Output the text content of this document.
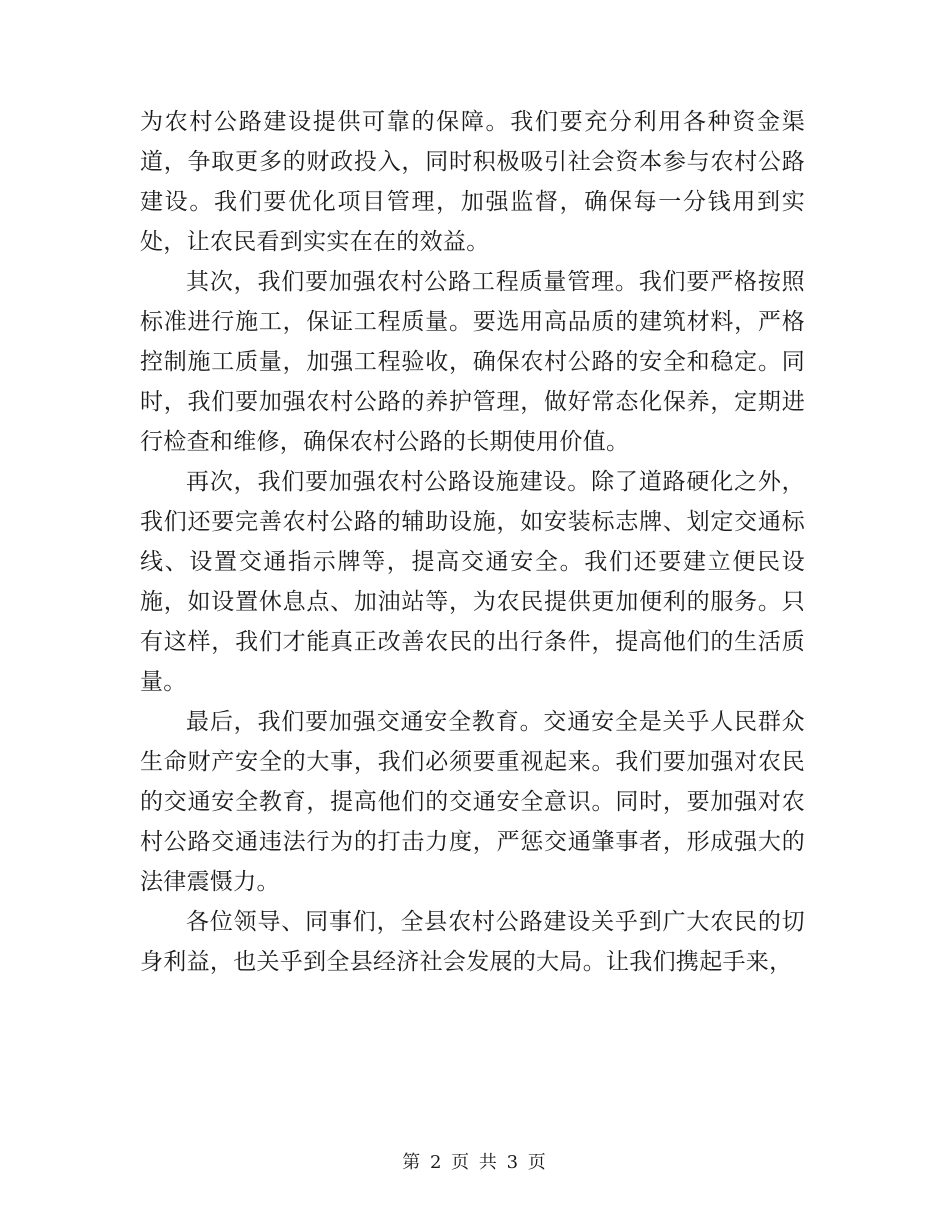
为农村公路建设提供可靠的保障。我们要充分利用各种资金渠道，争取更多的财政投入，同时积极吸引社会资本参与农村公路建设。我们要优化项目管理，加强监督，确保每一分钱用到实处，让农民看到实实在在的效益。

其次，我们要加强农村公路工程质量管理。我们要严格按照标准进行施工，保证工程质量。要选用高品质的建筑材料，严格控制施工质量，加强工程验收，确保农村公路的安全和稳定。同时，我们要加强农村公路的养护管理，做好常态化保养，定期进行检查和维修，确保农村公路的长期使用价值。

再次，我们要加强农村公路设施建设。除了道路硬化之外，我们还要完善农村公路的辅助设施，如安装标志牌、划定交通标线、设置交通指示牌等，提高交通安全。我们还要建立便民设施，如设置休息点、加油站等，为农民提供更加便利的服务。只有这样，我们才能真正改善农民的出行条件，提高他们的生活质量。

最后，我们要加强交通安全教育。交通安全是关乎人民群众生命财产安全的大事，我们必须要重视起来。我们要加强对农民的交通安全教育，提高他们的交通安全意识。同时，要加强对农村公路交通违法行为的打击力度，严惩交通肇事者，形成强大的法律震慑力。

各位领导、同事们，全县农村公路建设关乎到广大农民的切身利益，也关乎到全县经济社会发展的大局。让我们携起手来，

第 2 页 共 3 页
